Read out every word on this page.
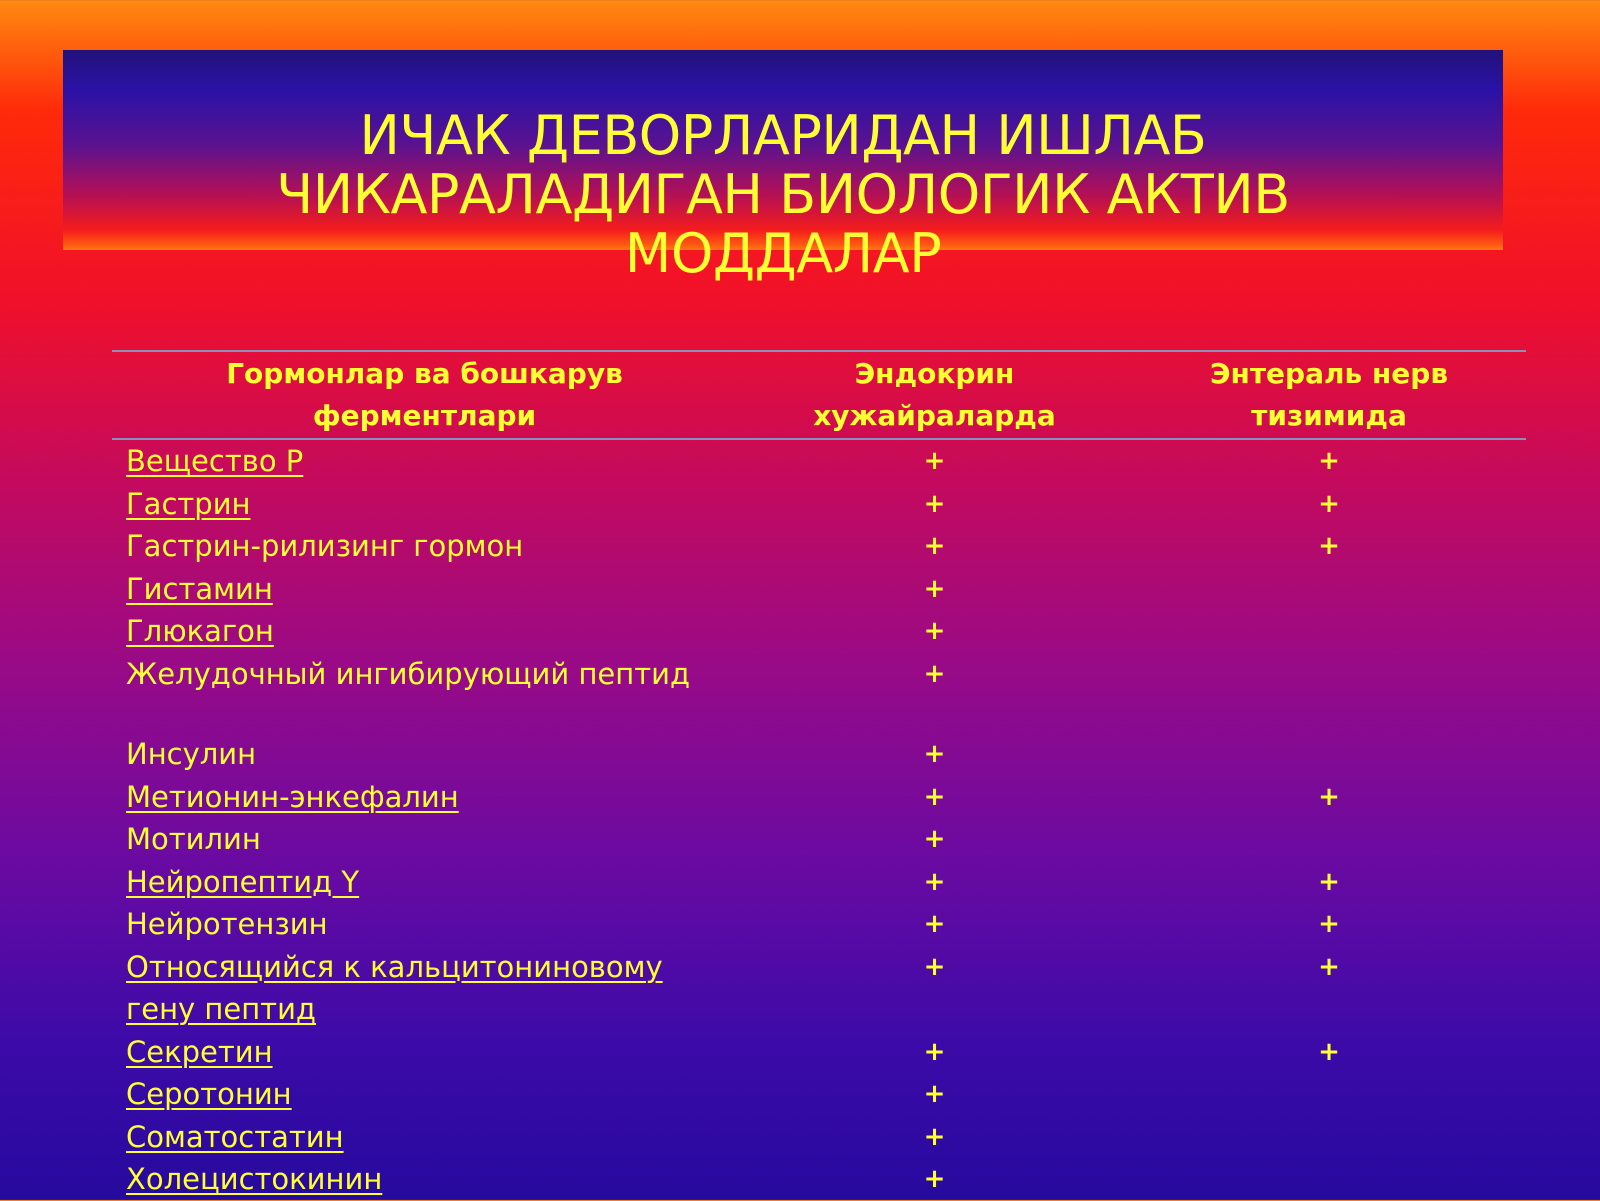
ИЧАК ДЕВОРЛАРИДАН ИШЛАБ
ЧИКАРАЛАДИГАН БИОЛОГИК АКТИВ
МОДДАЛАР
Гормонлар ва бошкарув ферментлари	Эндокрин хужайраларда	Энтераль нерв тизимида
Вещество P	+	+
Гастрин	+	+
Гастрин-рилизинг гормон	+	+
Гистамин	+	
Глюкагон	+	
Желудочный ингибирующий пептид	+	

Инсулин	+	
Метионин-энкефалин	+	+
Мотилин	+	
Нейропептид Y	+	+
Нейротензин	+	+
Относящийся к кальцитониновому гену пептид	+	+
Секретин	+	+
Серотонин	+	
Соматостатин	+	
Холецистокинин	+	
